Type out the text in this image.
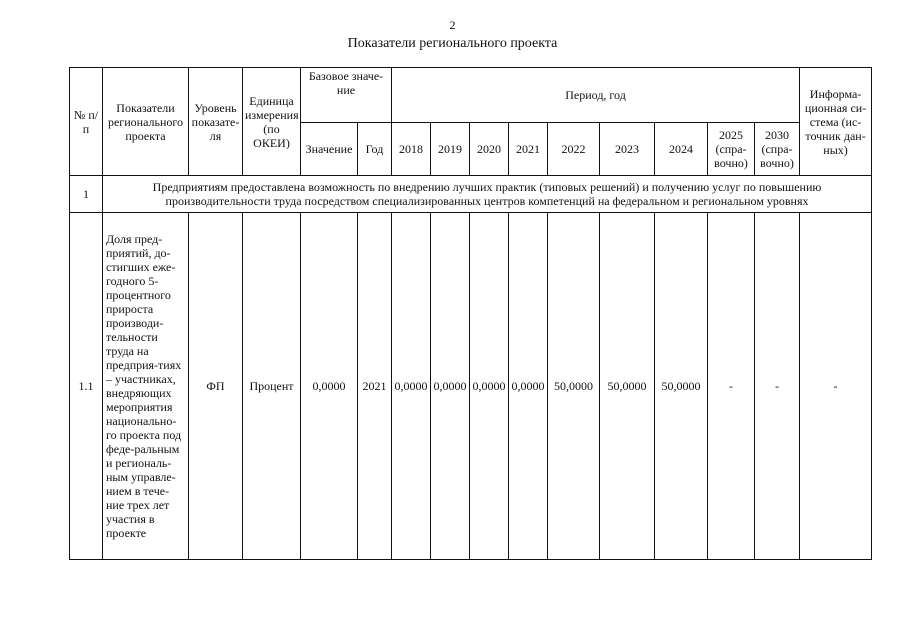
2
Показатели регионального проекта
№ п/п	Показатели регионального проекта	Уровень показате-ля	Единица измерения (по ОКЕИ)	Базовое значе-ние		Период, год									Информа-ционная си-стема (ис-точник дан-ных)
				Значение	Год	2018	2019	2020	2021	2022	2023	2024	2025 (спра-вочно)	2030 (спра-вочно)	
1	Предприятиям предоставлена возможность по внедрению лучших практик (типовых решений) и получению услуг по повышению производительности труда посредством специализированных центров компетенций на федеральном и региональном уровнях														
1.1	Доля пред-приятий, до-стигших еже-годного 5-процентного прироста производи-тельности труда на предприя-тиях – участниках, внедряющих мероприятия национально-го проекта под феде-ральным и региональ-ным управле-нием в тече-ние трех лет участия в проекте	ФП	Процент	0,0000	2021	0,0000	0,0000	0,0000	0,0000	50,0000	50,0000	50,0000	-	-	-
